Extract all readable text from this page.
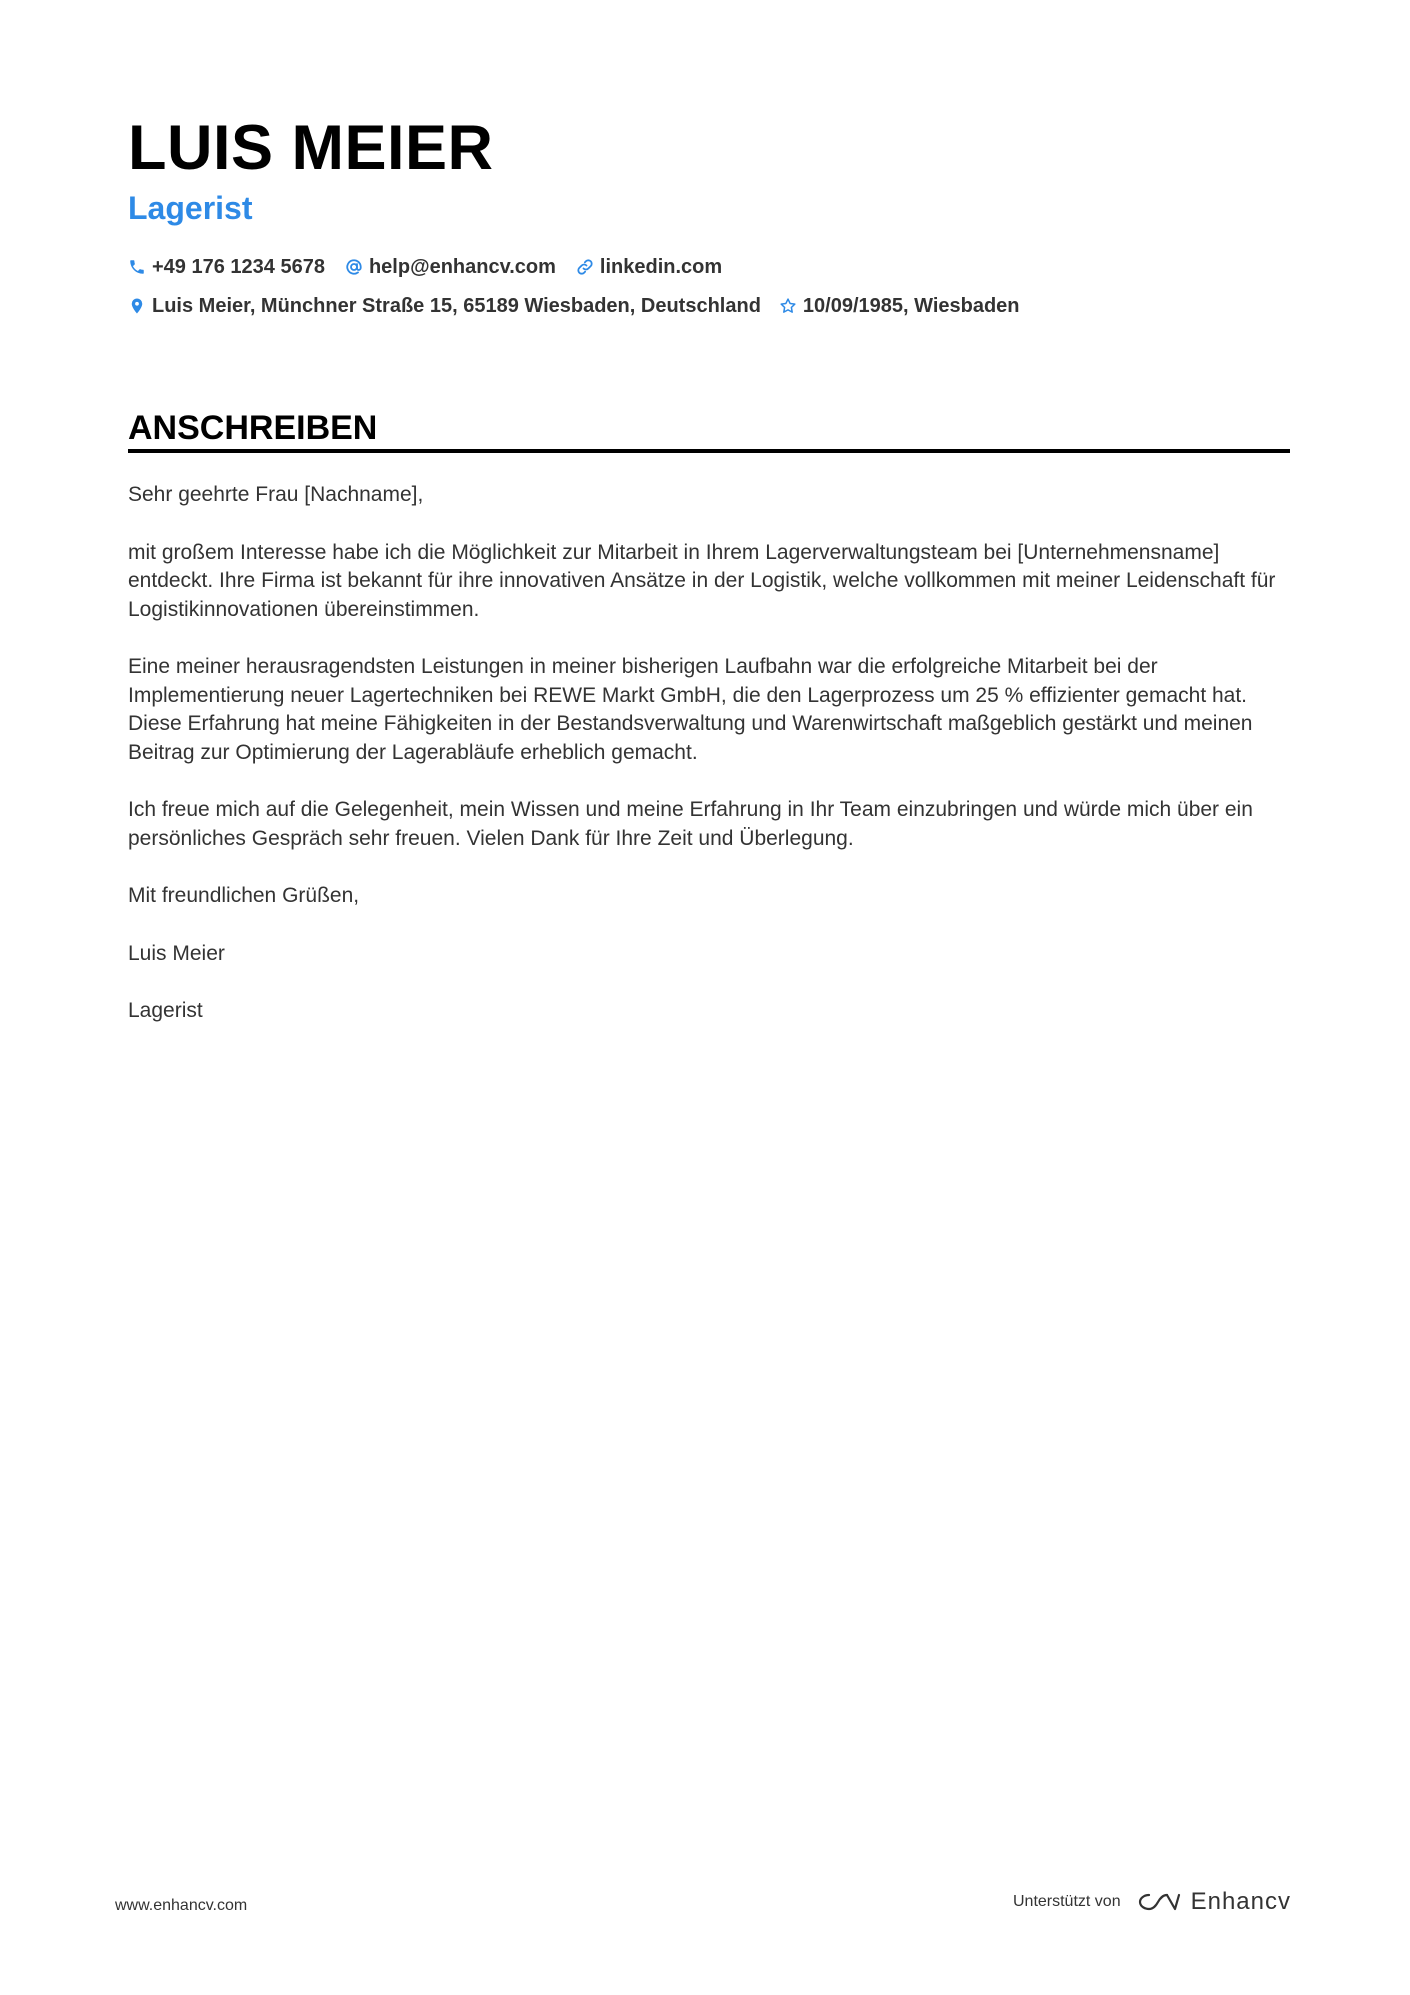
LUIS MEIER
Lagerist
+49 176 1234 5678 help@enhancv.com linkedin.com
Luis Meier, Münchner Straße 15, 65189 Wiesbaden, Deutschland 10/09/1985, Wiesbaden
ANSCHREIBEN

Sehr geehrte Frau [Nachname],

mit großem Interesse habe ich die Möglichkeit zur Mitarbeit in Ihrem Lagerverwaltungsteam bei [Unternehmensname] entdeckt. Ihre Firma ist bekannt für ihre innovativen Ansätze in der Logistik, welche vollkommen mit meiner Leidenschaft für Logistikinnovationen übereinstimmen.

Eine meiner herausragendsten Leistungen in meiner bisherigen Laufbahn war die erfolgreiche Mitarbeit bei der Implementierung neuer Lagertechniken bei REWE Markt GmbH, die den Lagerprozess um 25 % effizienter gemacht hat. Diese Erfahrung hat meine Fähigkeiten in der Bestandsverwaltung und Warenwirtschaft maßgeblich gestärkt und meinen Beitrag zur Optimierung der Lagerabläufe erheblich gemacht.

Ich freue mich auf die Gelegenheit, mein Wissen und meine Erfahrung in Ihr Team einzubringen und würde mich über ein persönliches Gespräch sehr freuen. Vielen Dank für Ihre Zeit und Überlegung.

Mit freundlichen Grüßen,

Luis Meier

Lagerist

www.enhancv.com	Unterstützt von	Enhancv
